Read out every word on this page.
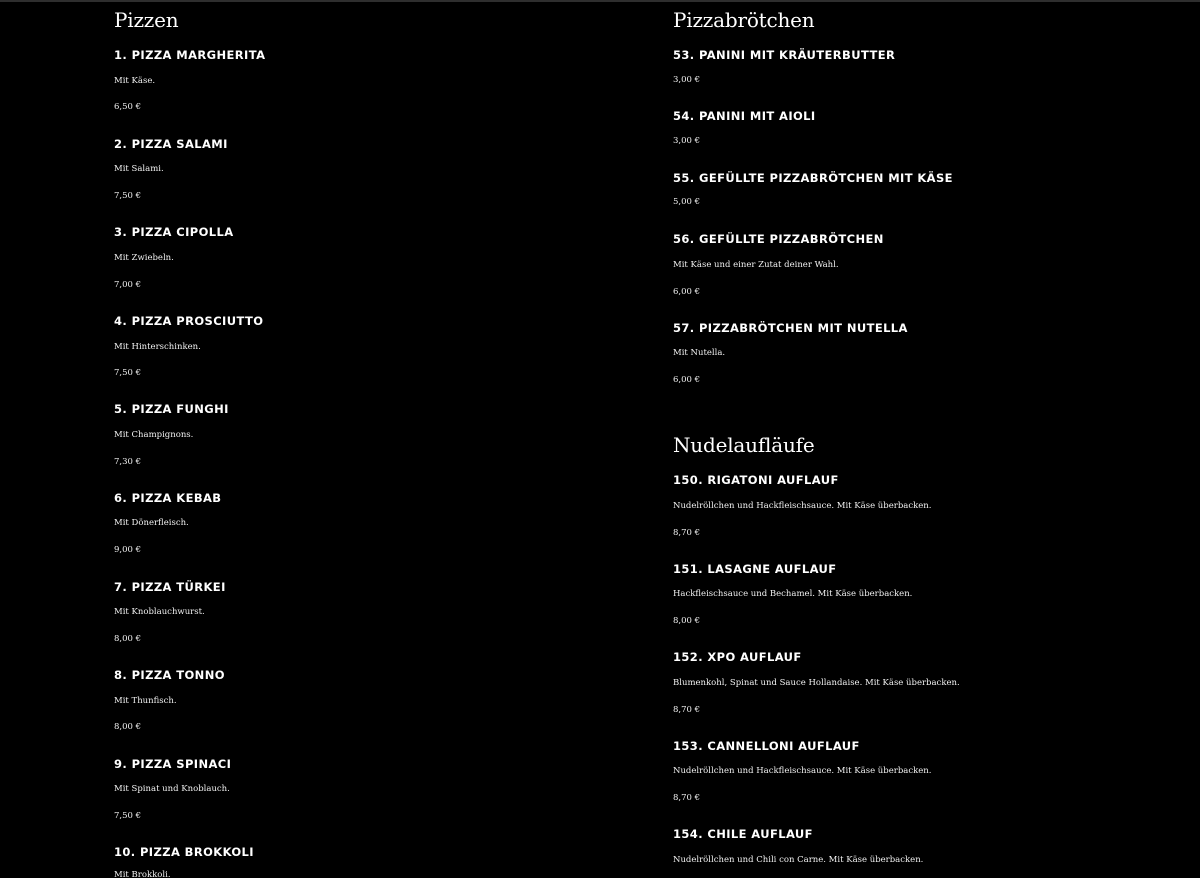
Pizzen
1. PIZZA MARGHERITA
Mit Käse.
6,50 €
2. PIZZA SALAMI
Mit Salami.
7,50 €
3. PIZZA CIPOLLA
Mit Zwiebeln.
7,00 €
4. PIZZA PROSCIUTTO
Mit Hinterschinken.
7,50 €
5. PIZZA FUNGHI
Mit Champignons.
7,30 €
6. PIZZA KEBAB
Mit Dönerfleisch.
9,00 €
7. PIZZA TÜRKEI
Mit Knoblauchwurst.
8,00 €
8. PIZZA TONNO
Mit Thunfisch.
8,00 €
9. PIZZA SPINACI
Mit Spinat und Knoblauch.
7,50 €
10. PIZZA BROKKOLI
Mit Brokkoli.
Pizzabrötchen
53. PANINI MIT KRÄUTERBUTTER
3,00 €
54. PANINI MIT AIOLI
3,00 €
55. GEFÜLLTE PIZZABRÖTCHEN MIT KÄSE
5,00 €
56. GEFÜLLTE PIZZABRÖTCHEN
Mit Käse und einer Zutat deiner Wahl.
6,00 €
57. PIZZABRÖTCHEN MIT NUTELLA
Mit Nutella.
6,00 €
Nudelaufläufe
150. RIGATONI AUFLAUF
Nudelröllchen und Hackfleischsauce. Mit Käse überbacken.
8,70 €
151. LASAGNE AUFLAUF
Hackfleischsauce und Bechamel. Mit Käse überbacken.
8,00 €
152. XPO AUFLAUF
Blumenkohl, Spinat und Sauce Hollandaise. Mit Käse überbacken.
8,70 €
153. CANNELLONI AUFLAUF
Nudelröllchen und Hackfleischsauce. Mit Käse überbacken.
8,70 €
154. CHILE AUFLAUF
Nudelröllchen und Chili con Carne. Mit Käse überbacken.
